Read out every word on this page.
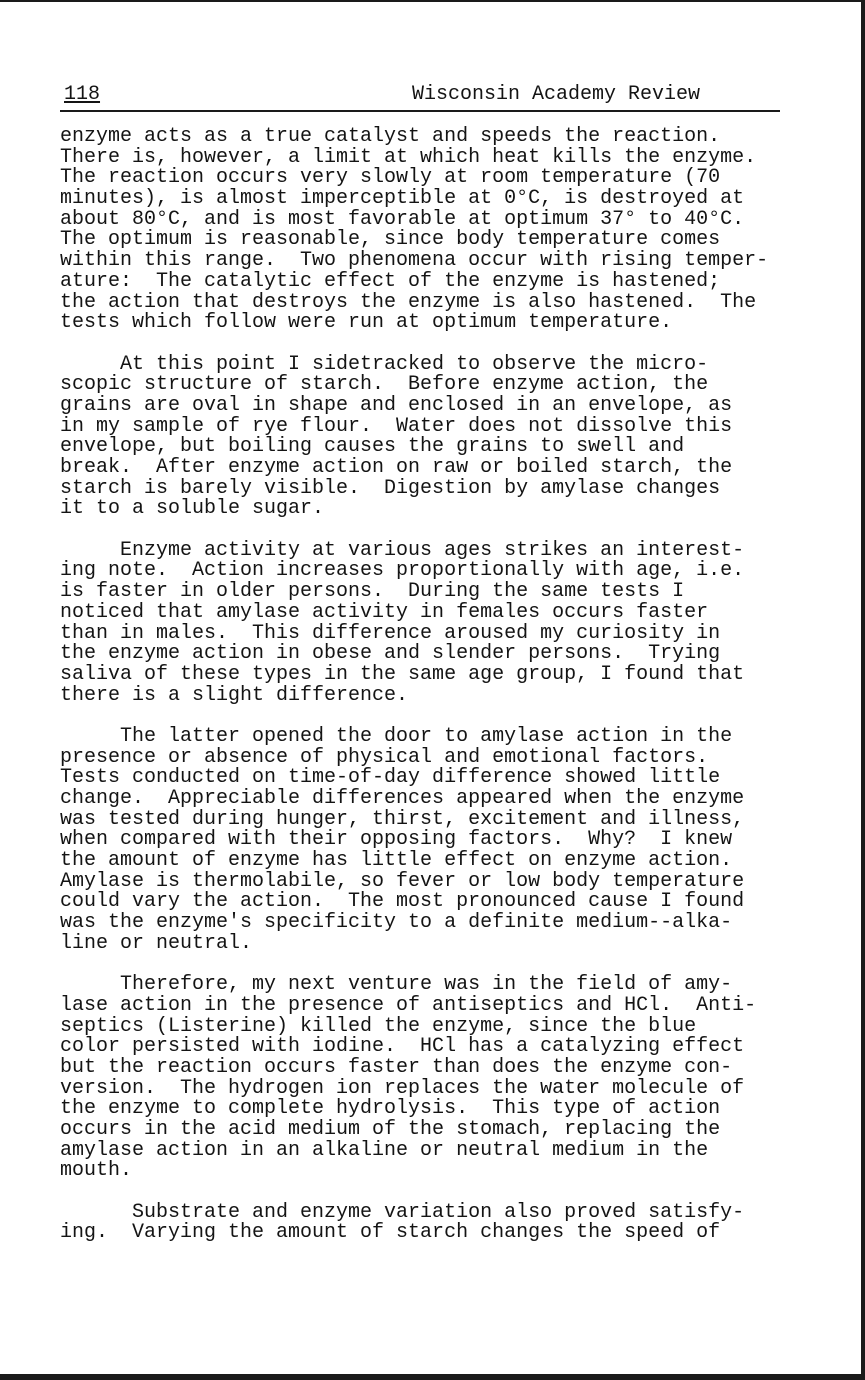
118	Wisconsin Academy Review
enzyme acts as a true catalyst and speeds the reaction.
There is, however, a limit at which heat kills the enzyme.
The reaction occurs very slowly at room temperature (70
minutes), is almost imperceptible at 0°C, is destroyed at
about 80°C, and is most favorable at optimum 37° to 40°C.
The optimum is reasonable, since body temperature comes
within this range.  Two phenomena occur with rising temper-
ature:  The catalytic effect of the enzyme is hastened;
the action that destroys the enzyme is also hastened.  The
tests which follow were run at optimum temperature.
At this point I sidetracked to observe the micro-
scopic structure of starch.  Before enzyme action, the
grains are oval in shape and enclosed in an envelope, as
in my sample of rye flour.  Water does not dissolve this
envelope, but boiling causes the grains to swell and
break.  After enzyme action on raw or boiled starch, the
starch is barely visible.  Digestion by amylase changes
it to a soluble sugar.
Enzyme activity at various ages strikes an interest-
ing note.  Action increases proportionally with age, i.e.
is faster in older persons.  During the same tests I
noticed that amylase activity in females occurs faster
than in males.  This difference aroused my curiosity in
the enzyme action in obese and slender persons.  Trying
saliva of these types in the same age group, I found that
there is a slight difference.
The latter opened the door to amylase action in the
presence or absence of physical and emotional factors.
Tests conducted on time-of-day difference showed little
change.  Appreciable differences appeared when the enzyme
was tested during hunger, thirst, excitement and illness,
when compared with their opposing factors.  Why?  I knew
the amount of enzyme has little effect on enzyme action.
Amylase is thermolabile, so fever or low body temperature
could vary the action.  The most pronounced cause I found
was the enzyme's specificity to a definite medium--alka-
line or neutral.
Therefore, my next venture was in the field of amy-
lase action in the presence of antiseptics and HCl.  Anti-
septics (Listerine) killed the enzyme, since the blue
color persisted with iodine.  HCl has a catalyzing effect
but the reaction occurs faster than does the enzyme con-
version.  The hydrogen ion replaces the water molecule of
the enzyme to complete hydrolysis.  This type of action
occurs in the acid medium of the stomach, replacing the
amylase action in an alkaline or neutral medium in the
mouth.
Substrate and enzyme variation also proved satisfy-
ing.  Varying the amount of starch changes the speed of
